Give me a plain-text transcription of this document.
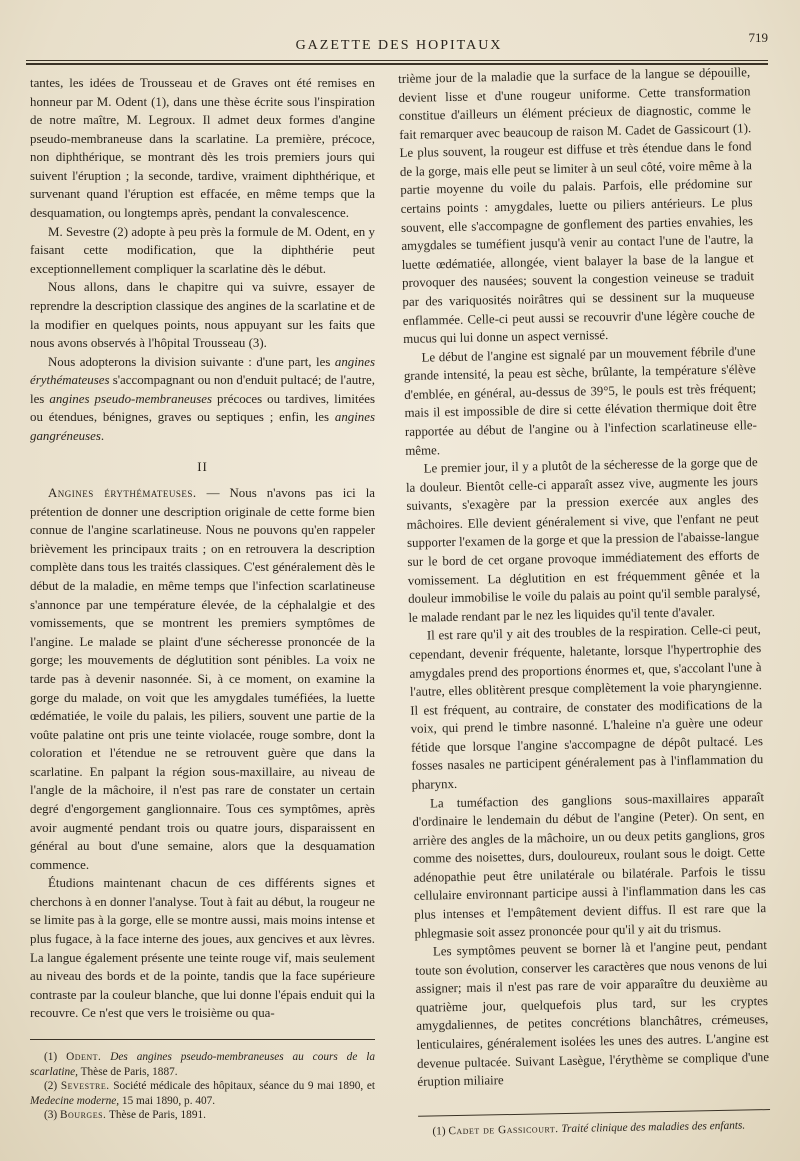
GAZETTE DES HOPITAUX
719

tantes, les idées de Trousseau et de Graves ont été remises en honneur par M. Odent (1), dans une thèse écrite sous l'inspiration de notre maître, M. Legroux. Il admet deux formes d'angine pseudo-membraneuse dans la scarlatine. La première, précoce, non diphthérique, se montrant dès les trois premiers jours qui suivent l'éruption ; la seconde, tardive, vraiment diphthérique, et survenant quand l'éruption est effacée, en même temps que la desquamation, ou longtemps après, pendant la convalescence.

M. Sevestre (2) adopte à peu près la formule de M. Odent, en y faisant cette modification, que la diphthérie peut exceptionnellement compliquer la scarlatine dès le début.

Nous allons, dans le chapitre qui va suivre, essayer de reprendre la description classique des angines de la scarlatine et de la modifier en quelques points, nous appuyant sur les faits que nous avons observés à l'hôpital Trousseau (3).

Nous adopterons la division suivante : d'une part, les angines érythémateuses s'accompagnant ou non d'enduit pultacé; de l'autre, les angines pseudo-membraneuses précoces ou tardives, limitées ou étendues, bénignes, graves ou septiques ; enfin, les angines gangréneuses.

II

Angines érythémateuses. — Nous n'avons pas ici la prétention de donner une description originale de cette forme bien connue de l'angine scarlatineuse. Nous ne pouvons qu'en rappeler brièvement les principaux traits ; on en retrouvera la description complète dans tous les traités classiques. C'est généralement dès le début de la maladie, en même temps que l'infection scarlatineuse s'annonce par une température élevée, de la céphalalgie et des vomissements, que se montrent les premiers symptômes de l'angine. Le malade se plaint d'une sécheresse prononcée de la gorge; les mouvements de déglutition sont pénibles. La voix ne tarde pas à devenir nasonnée. Si, à ce moment, on examine la gorge du malade, on voit que les amygdales tuméfiées, la luette œdématiée, le voile du palais, les piliers, souvent une partie de la voûte palatine ont pris une teinte violacée, rouge sombre, dont la coloration et l'étendue ne se retrouvent guère que dans la scarlatine. En palpant la région sous-maxillaire, au niveau de l'angle de la mâchoire, il n'est pas rare de constater un certain degré d'engorgement ganglionnaire. Tous ces symptômes, après avoir augmenté pendant trois ou quatre jours, disparaissent en général au bout d'une semaine, alors que la desquamation commence.

Étudions maintenant chacun de ces différents signes et cherchons à en donner l'analyse. Tout à fait au début, la rougeur ne se limite pas à la gorge, elle se montre aussi, mais moins intense et plus fugace, à la face interne des joues, aux gencives et aux lèvres. La langue également présente une teinte rouge vif, mais seulement au niveau des bords et de la pointe, tandis que la face supérieure contraste par la couleur blanche, que lui donne l'épais enduit qui la recouvre. Ce n'est que vers le troisième ou qua-

(1) Odent. Des angines pseudo-membraneuses au cours de la scarlatine, Thèse de Paris, 1887.

(2) Sevestre. Société médicale des hôpitaux, séance du 9 mai 1890, et Medecine moderne, 15 mai 1890, p. 407.

(3) Bourges. Thèse de Paris, 1891.

trième jour de la maladie que la surface de la langue se dépouille, devient lisse et d'une rougeur uniforme. Cette transformation constitue d'ailleurs un élément précieux de diagnostic, comme le fait remarquer avec beaucoup de raison M. Cadet de Gassicourt (1). Le plus souvent, la rougeur est diffuse et très étendue dans le fond de la gorge, mais elle peut se limiter à un seul côté, voire même à la partie moyenne du voile du palais. Parfois, elle prédomine sur certains points : amygdales, luette ou piliers antérieurs. Le plus souvent, elle s'accompagne de gonflement des parties envahies, les amygdales se tuméfient jusqu'à venir au contact l'une de l'autre, la luette œdématiée, allongée, vient balayer la base de la langue et provoquer des nausées; souvent la congestion veineuse se traduit par des variquosités noirâtres qui se dessinent sur la muqueuse enflammée. Celle-ci peut aussi se recouvrir d'une légère couche de mucus qui lui donne un aspect vernissé.

Le début de l'angine est signalé par un mouvement fébrile d'une grande intensité, la peau est sèche, brûlante, la température s'élève d'emblée, en général, au-dessus de 39°5, le pouls est très fréquent; mais il est impossible de dire si cette élévation thermique doit être rapportée au début de l'angine ou à l'infection scarlatineuse elle-même.

Le premier jour, il y a plutôt de la sécheresse de la gorge que de la douleur. Bientôt celle-ci apparaît assez vive, augmente les jours suivants, s'exagère par la pression exercée aux angles des mâchoires. Elle devient généralement si vive, que l'enfant ne peut supporter l'examen de la gorge et que la pression de l'abaisse-langue sur le bord de cet organe provoque immédiatement des efforts de vomissement. La déglutition en est fréquemment gênée et la douleur immobilise le voile du palais au point qu'il semble paralysé, le malade rendant par le nez les liquides qu'il tente d'avaler.

Il est rare qu'il y ait des troubles de la respiration. Celle-ci peut, cependant, devenir fréquente, haletante, lorsque l'hypertrophie des amygdales prend des proportions énormes et, que, s'accolant l'une à l'autre, elles oblitèrent presque complètement la voie pharyngienne. Il est fréquent, au contraire, de constater des modifications de la voix, qui prend le timbre nasonné. L'haleine n'a guère une odeur fétide que lorsque l'angine s'accompagne de dépôt pultacé. Les fosses nasales ne participent généralement pas à l'inflammation du pharynx.

La tuméfaction des ganglions sous-maxillaires apparaît d'ordinaire le lendemain du début de l'angine (Peter). On sent, en arrière des angles de la mâchoire, un ou deux petits ganglions, gros comme des noisettes, durs, douloureux, roulant sous le doigt. Cette adénopathie peut être unilatérale ou bilatérale. Parfois le tissu cellulaire environnant participe aussi à l'inflammation dans les cas plus intenses et l'empâtement devient diffus. Il est rare que la phlegmasie soit assez prononcée pour qu'il y ait du trismus.

Les symptômes peuvent se borner là et l'angine peut, pendant toute son évolution, conserver les caractères que nous venons de lui assigner; mais il n'est pas rare de voir apparaître du deuxième au quatrième jour, quelquefois plus tard, sur les cryptes amygdaliennes, de petites concrétions blanchâtres, crémeuses, lenticulaires, généralement isolées les unes des autres. L'angine est devenue pultacée. Suivant Lasègue, l'érythème se complique d'une éruption miliaire

(1) Cadet de Gassicourt. Traité clinique des maladies des enfants.
